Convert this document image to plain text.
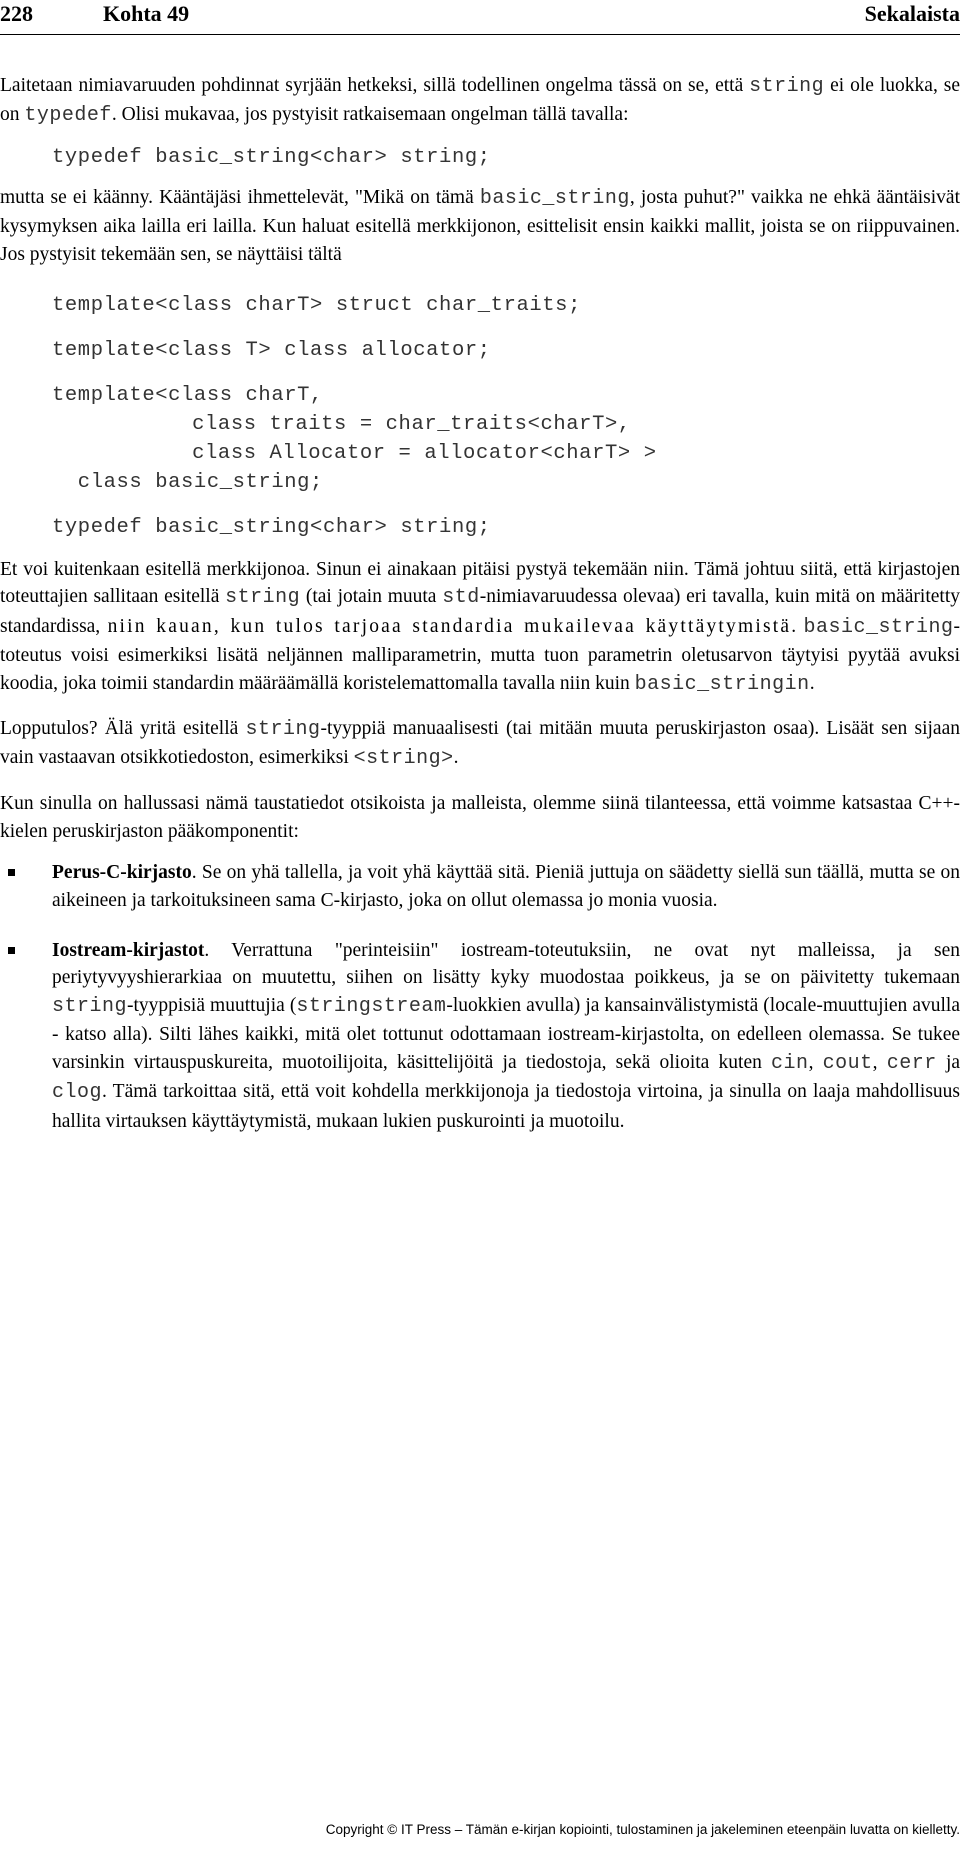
228	Kohta 49	Sekalaista

Laitetaan nimiavaruuden pohdinnat syrjään hetkeksi, sillä todellinen ongelma tässä on se, että string ei ole luokka, se on typedef. Olisi mukavaa, jos pystyisit ratkaisemaan ongelman tällä tavalla:

typedef basic_string<char> string;

mutta se ei käänny. Kääntäjäsi ihmettelevät, "Mikä on tämä basic_string, josta puhut?" vaikka ne ehkä ääntäisivät kysymyksen aika lailla eri lailla. Kun haluat esitellä merkkijonon, esittelisit ensin kaikki mallit, joista se on riippuvainen. Jos pystyisit tekemään sen, se näyttäisi tältä

template<class charT> struct char_traits;
template<class T> class allocator;
template<class charT,
class traits = char_traits<charT>,
class Allocator = allocator<charT> >
class basic_string;
typedef basic_string<char> string;

Et voi kuitenkaan esitellä merkkijonoa. Sinun ei ainakaan pitäisi pystyä tekemään niin. Tämä johtuu siitä, että kirjastojen toteuttajien sallitaan esitellä string (tai jotain muuta std-nimiavaruudessa olevaa) eri tavalla, kuin mitä on määritetty standardissa, niin kauan, kun tulos tarjoaa standardia mukailevaa käyttäytymistä. basic_string-toteutus voisi esimerkiksi lisätä neljännen malliparametrin, mutta tuon parametrin oletusarvon täytyisi pyytää avuksi koodia, joka toimii standardin määräämällä koristelemattomalla tavalla niin kuin basic_stringin.

Lopputulos? Älä yritä esitellä string-tyyppiä manuaalisesti (tai mitään muuta peruskirjaston osaa). Lisäät sen sijaan vain vastaavan otsikkotiedoston, esimerkiksi <string>.

Kun sinulla on hallussasi nämä taustatiedot otsikoista ja malleista, olemme siinä tilanteessa, että voimme katsastaa C++-kielen peruskirjaston pääkomponentit:

Perus-C-kirjasto. Se on yhä tallella, ja voit yhä käyttää sitä. Pieniä juttuja on säädetty siellä sun täällä, mutta se on aikeineen ja tarkoituksineen sama C-kirjasto, joka on ollut olemassa jo monia vuosia.
Iostream-kirjastot. Verrattuna "perinteisiin" iostream-toteutuksiin, ne ovat nyt malleissa, ja sen periytyvyyshierarkiaa on muutettu, siihen on lisätty kyky muodostaa poikkeus, ja se on päivitetty tukemaan string-tyyppisiä muuttujia (stringstream-luokkien avulla) ja kansainvälistymistä (locale-muuttujien avulla - katso alla). Silti lähes kaikki, mitä olet tottunut odottamaan iostream-kirjastolta, on edelleen olemassa. Se tukee varsinkin virtauspuskureita, muotoilijoita, käsittelijöitä ja tiedostoja, sekä olioita kuten cin, cout, cerr ja clog. Tämä tarkoittaa sitä, että voit kohdella merkkijonoja ja tiedostoja virtoina, ja sinulla on laaja mahdollisuus hallita virtauksen käyttäytymistä, mukaan lukien puskurointi ja muotoilu.
Copyright © IT Press – Tämän e-kirjan kopiointi, tulostaminen ja jakeleminen eteenpäin luvatta on kielletty.
